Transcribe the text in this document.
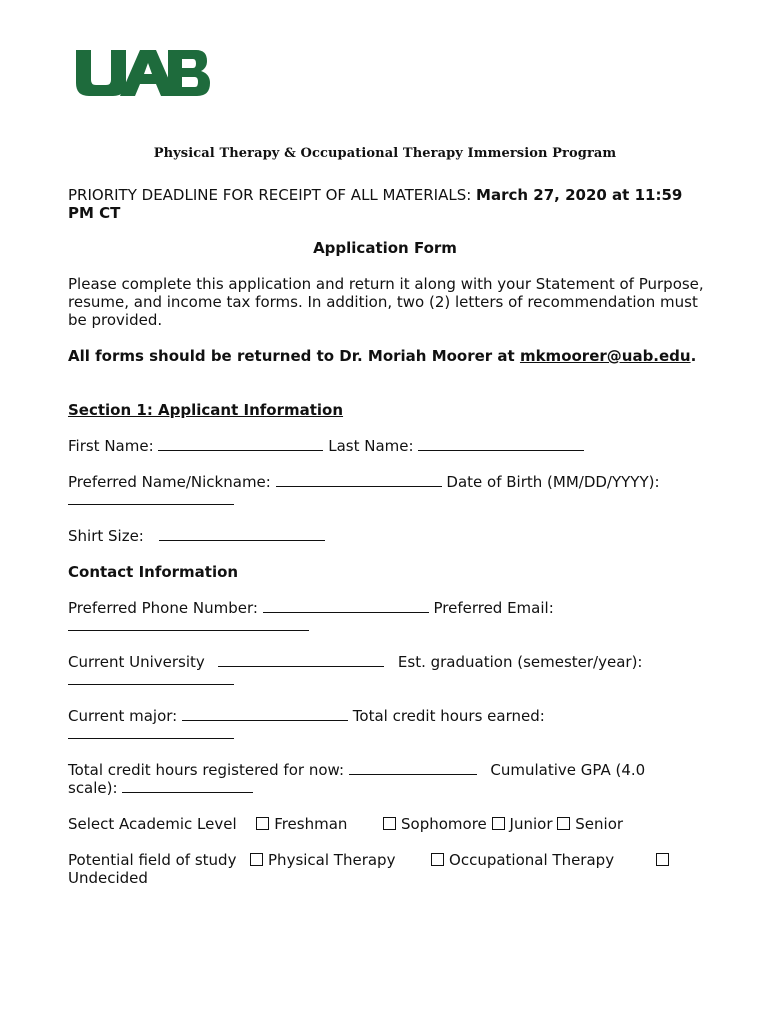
Physical Therapy & Occupational Therapy Immersion Program
PRIORITY DEADLINE FOR RECEIPT OF ALL MATERIALS: March 27, 2020 at 11:59 PM CT
Application Form
Please complete this application and return it along with your Statement of Purpose, resume, and income tax forms. In addition, two (2) letters of recommendation must be provided.
All forms should be returned to Dr. Moriah Moorer at mkmoorer@uab.edu.
Section 1: Applicant Information
First Name:	Last Name:
Preferred Name/Nickname:	Date of Birth (MM/DD/YYYY):
Shirt Size:
Contact Information
Preferred Phone Number:	Preferred Email:
Current University	Est. graduation (semester/year):
Current major:	Total credit hours earned:
Total credit hours registered for now:	Cumulative GPA (4.0
scale):
Select Academic Level	Freshman	Sophomore Junior Senior
Potential field of study Physical Therapy	Occupational Therapy
Undecided
